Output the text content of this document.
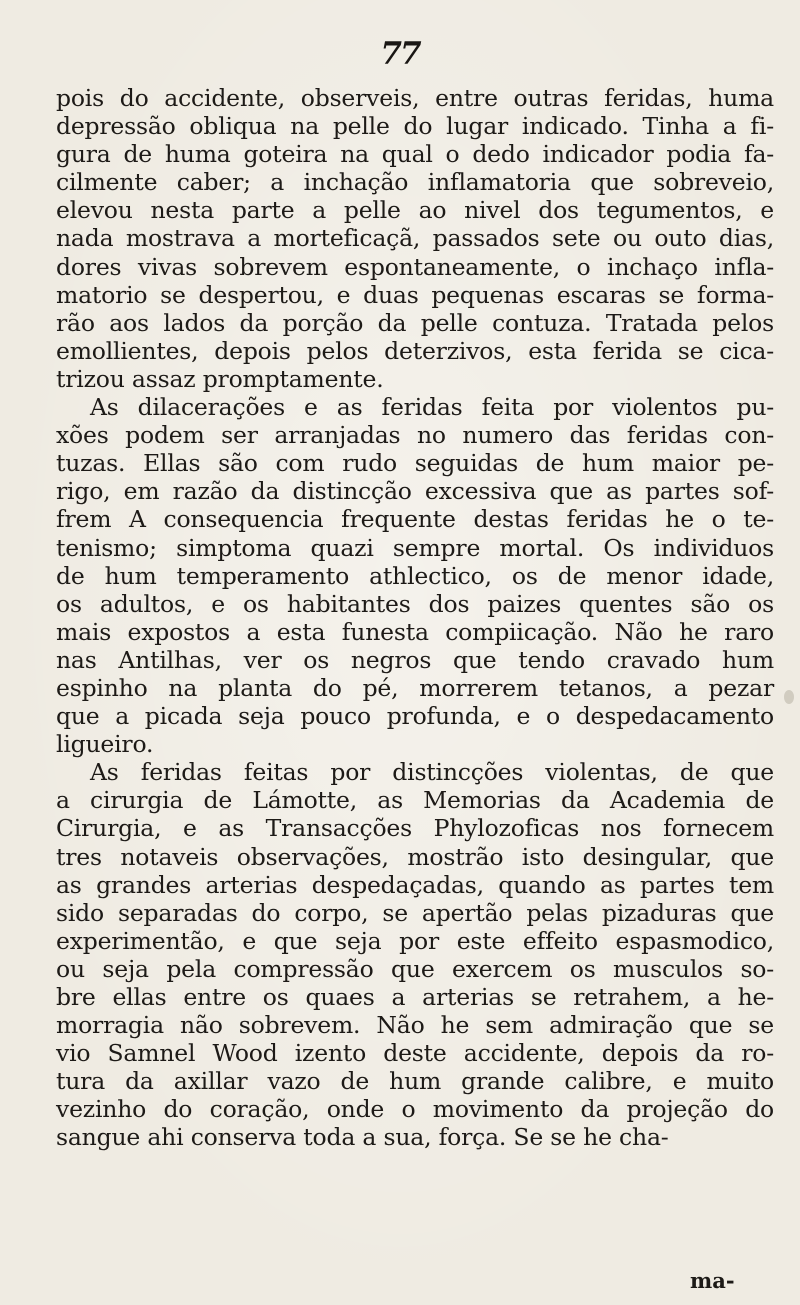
77
pois do accidente, observeis, entre outras feridas, huma
depressão obliqua na pelle do lugar indicado. Tinha a fi-
gura de huma goteira na qual o dedo indicador podia fa-
cilmente caber; a inchação inflamatoria que sobreveio,
elevou nesta parte a pelle ao nivel dos tegumentos, e
nada mostrava a morteficaçã, passados sete ou outo dias,
dores vivas sobrevem espontaneamente, o inchaço infla-
matorio se despertou, e duas pequenas escaras se forma-
rão aos lados da porção da pelle contuza. Tratada pelos
emollientes, depois pelos deterzivos, esta ferida se cica-
trizou assaz promptamente.
As dilacerações e as feridas feita por violentos pu-
xões podem ser arranjadas no numero das feridas con-
tuzas. Ellas são com rudo seguidas de hum maior pe-
rigo, em razão da distincção excessiva que as partes sof-
frem A consequencia frequente destas feridas he o te-
tenismo; simptoma quazi sempre mortal. Os individuos
de hum temperamento athlectico, os de menor idade,
os adultos, e os habitantes dos paizes quentes são os
mais expostos a esta funesta compiicação. Não he raro
nas Antilhas, ver os negros que tendo cravado hum
espinho na planta do pé, morrerem tetanos, a pezar
que a picada seja pouco profunda, e o despedacamento
ligueiro.
As feridas feitas por distincções violentas, de que
a cirurgia de Lámotte, as Memorias da Academia de
Cirurgia, e as Transacções Phylozoficas nos fornecem
tres notaveis observações, mostrão isto desingular, que
as grandes arterias despedaçadas, quando as partes tem
sido separadas do corpo, se apertão pelas pizaduras que
experimentão, e que seja por este effeito espasmodico,
ou seja pela compressão que exercem os musculos so-
bre ellas entre os quaes a arterias se retrahem, a he-
morragia não sobrevem. Não he sem admiração que se
vio Samnel Wood izento deste accidente, depois da ro-
tura da axillar vazo de hum grande calibre, e muito
vezinho do coração, onde o movimento da projeção do
sangue ahi conserva toda a sua, força. Se se he cha-
ma-
